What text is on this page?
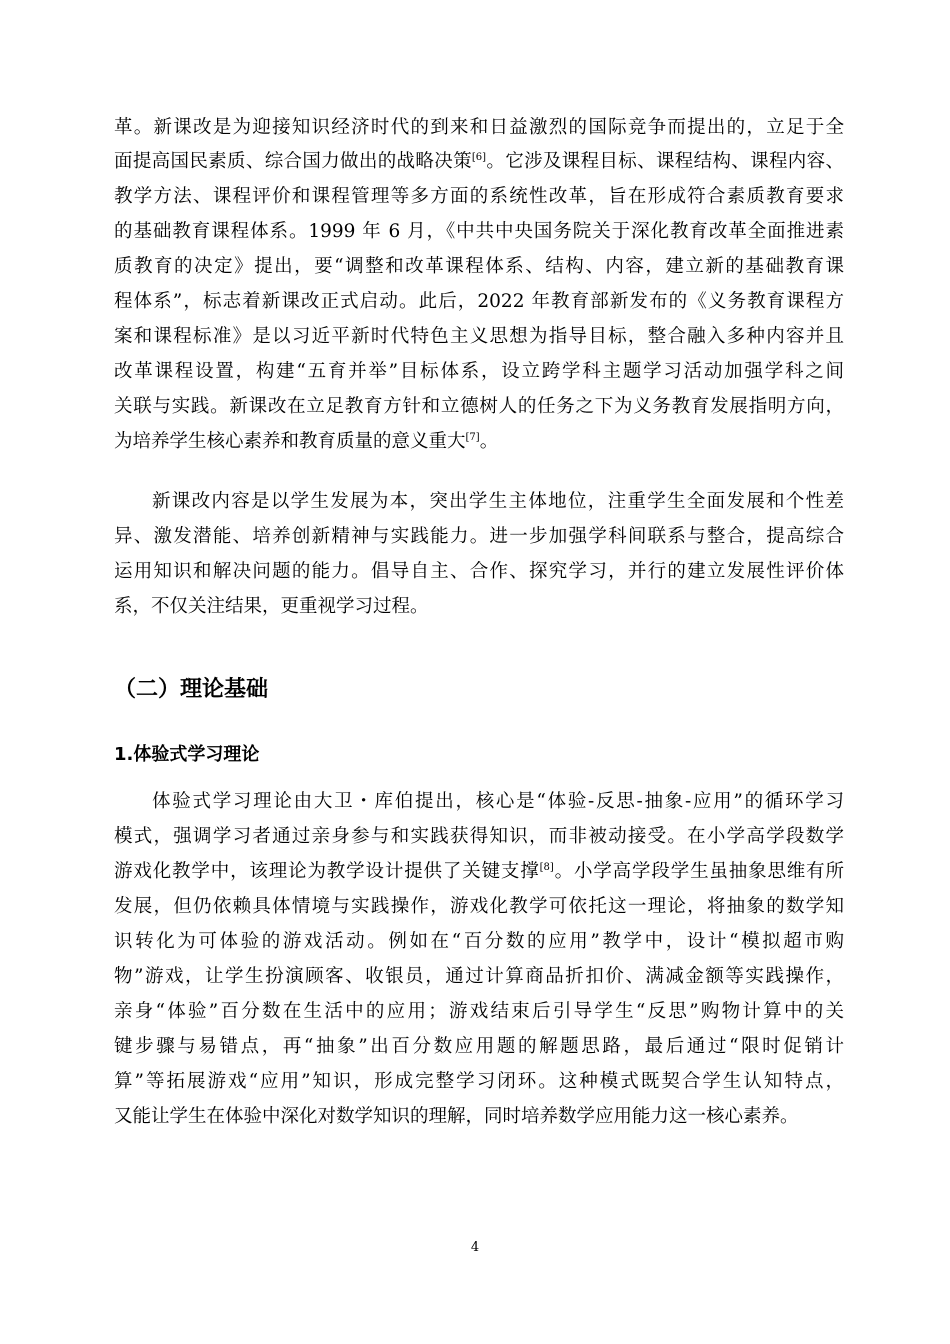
革。新课改是为迎接知识经济时代的到来和日益激烈的国际竞争而提出的，立足于全
面提高国民素质、综合国力做出的战略决策[6]。它涉及课程目标、课程结构、课程内容、
教学方法、课程评价和课程管理等多方面的系统性改革，旨在形成符合素质教育要求
的基础教育课程体系。1999 年 6 月，《中共中央国务院关于深化教育改革全面推进素
质教育的决定》提出，要“调整和改革课程体系、结构、内容，建立新的基础教育课
程体系”，标志着新课改正式启动。此后，2022 年教育部新发布的《义务教育课程方
案和课程标准》是以习近平新时代特色主义思想为指导目标，整合融入多种内容并且
改革课程设置，构建“五育并举”目标体系，设立跨学科主题学习活动加强学科之间
关联与实践。新课改在立足教育方针和立德树人的任务之下为义务教育发展指明方向，
为培养学生核心素养和教育质量的意义重大[7]。
新课改内容是以学生发展为本，突出学生主体地位，注重学生全面发展和个性差
异、激发潜能、培养创新精神与实践能力。进一步加强学科间联系与整合，提高综合
运用知识和解决问题的能力。倡导自主、合作、探究学习，并行的建立发展性评价体
系，不仅关注结果，更重视学习过程。
（二）理论基础
1.体验式学习理论
体验式学习理论由大卫・库伯提出，核心是“体验-反思-抽象-应用”的循环学习
模式，强调学习者通过亲身参与和实践获得知识，而非被动接受。在小学高学段数学
游戏化教学中，该理论为教学设计提供了关键支撑[8]。小学高学段学生虽抽象思维有所
发展，但仍依赖具体情境与实践操作，游戏化教学可依托这一理论，将抽象的数学知
识转化为可体验的游戏活动。例如在“百分数的应用”教学中，设计“模拟超市购
物”游戏，让学生扮演顾客、收银员，通过计算商品折扣价、满减金额等实践操作，
亲身“体验”百分数在生活中的应用；游戏结束后引导学生“反思”购物计算中的关
键步骤与易错点，再“抽象”出百分数应用题的解题思路，最后通过“限时促销计
算”等拓展游戏“应用”知识，形成完整学习闭环。这种模式既契合学生认知特点，
又能让学生在体验中深化对数学知识的理解，同时培养数学应用能力这一核心素养。
4
